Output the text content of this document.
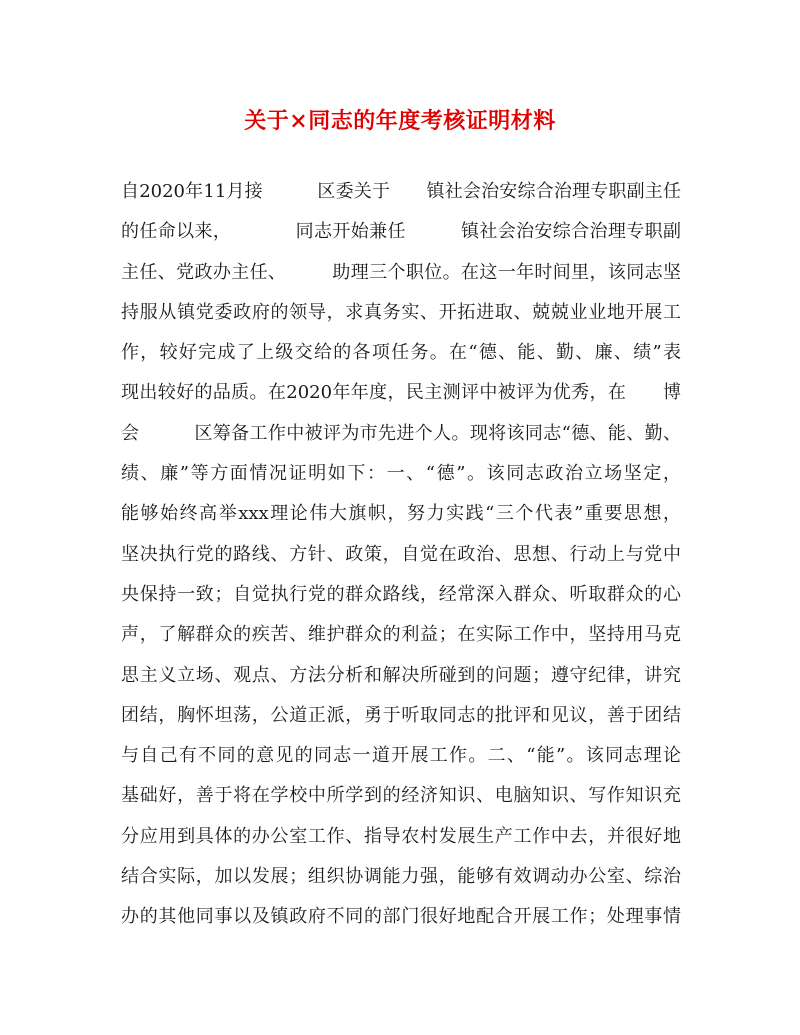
关于×同志的年度考核证明材料
自2020年11月接　　　区委关于　　镇社会治安综合治理专职副主任
的任命以来，　　　　同志开始兼任　　　镇社会治安综合治理专职副
主任、党政办主任、　　　助理三个职位。在这一年时间里，该同志坚
持服从镇党委政府的领导，求真务实、开拓进取、兢兢业业地开展工
作，较好完成了上级交给的各项任务。在“德、能、勤、廉、绩”表
现出较好的品质。在2020年年度，民主测评中被评为优秀，在　　博
会　　　区筹备工作中被评为市先进个人。现将该同志“德、能、勤、
绩、廉”等方面情况证明如下：一、“德”。该同志政治立场坚定，
能够始终高举xxx理论伟大旗帜，努力实践“三个代表”重要思想，
坚决执行党的路线、方针、政策，自觉在政治、思想、行动上与党中
央保持一致；自觉执行党的群众路线，经常深入群众、听取群众的心
声，了解群众的疾苦、维护群众的利益；在实际工作中，坚持用马克
思主义立场、观点、方法分析和解决所碰到的问题；遵守纪律，讲究
团结，胸怀坦荡，公道正派，勇于听取同志的批评和见议，善于团结
与自己有不同的意见的同志一道开展工作。二、“能”。该同志理论
基础好，善于将在学校中所学到的经济知识、电脑知识、写作知识充
分应用到具体的办公室工作、指导农村发展生产工作中去，并很好地
结合实际，加以发展；组织协调能力强，能够有效调动办公室、综治
办的其他同事以及镇政府不同的部门很好地配合开展工作；处理事情
